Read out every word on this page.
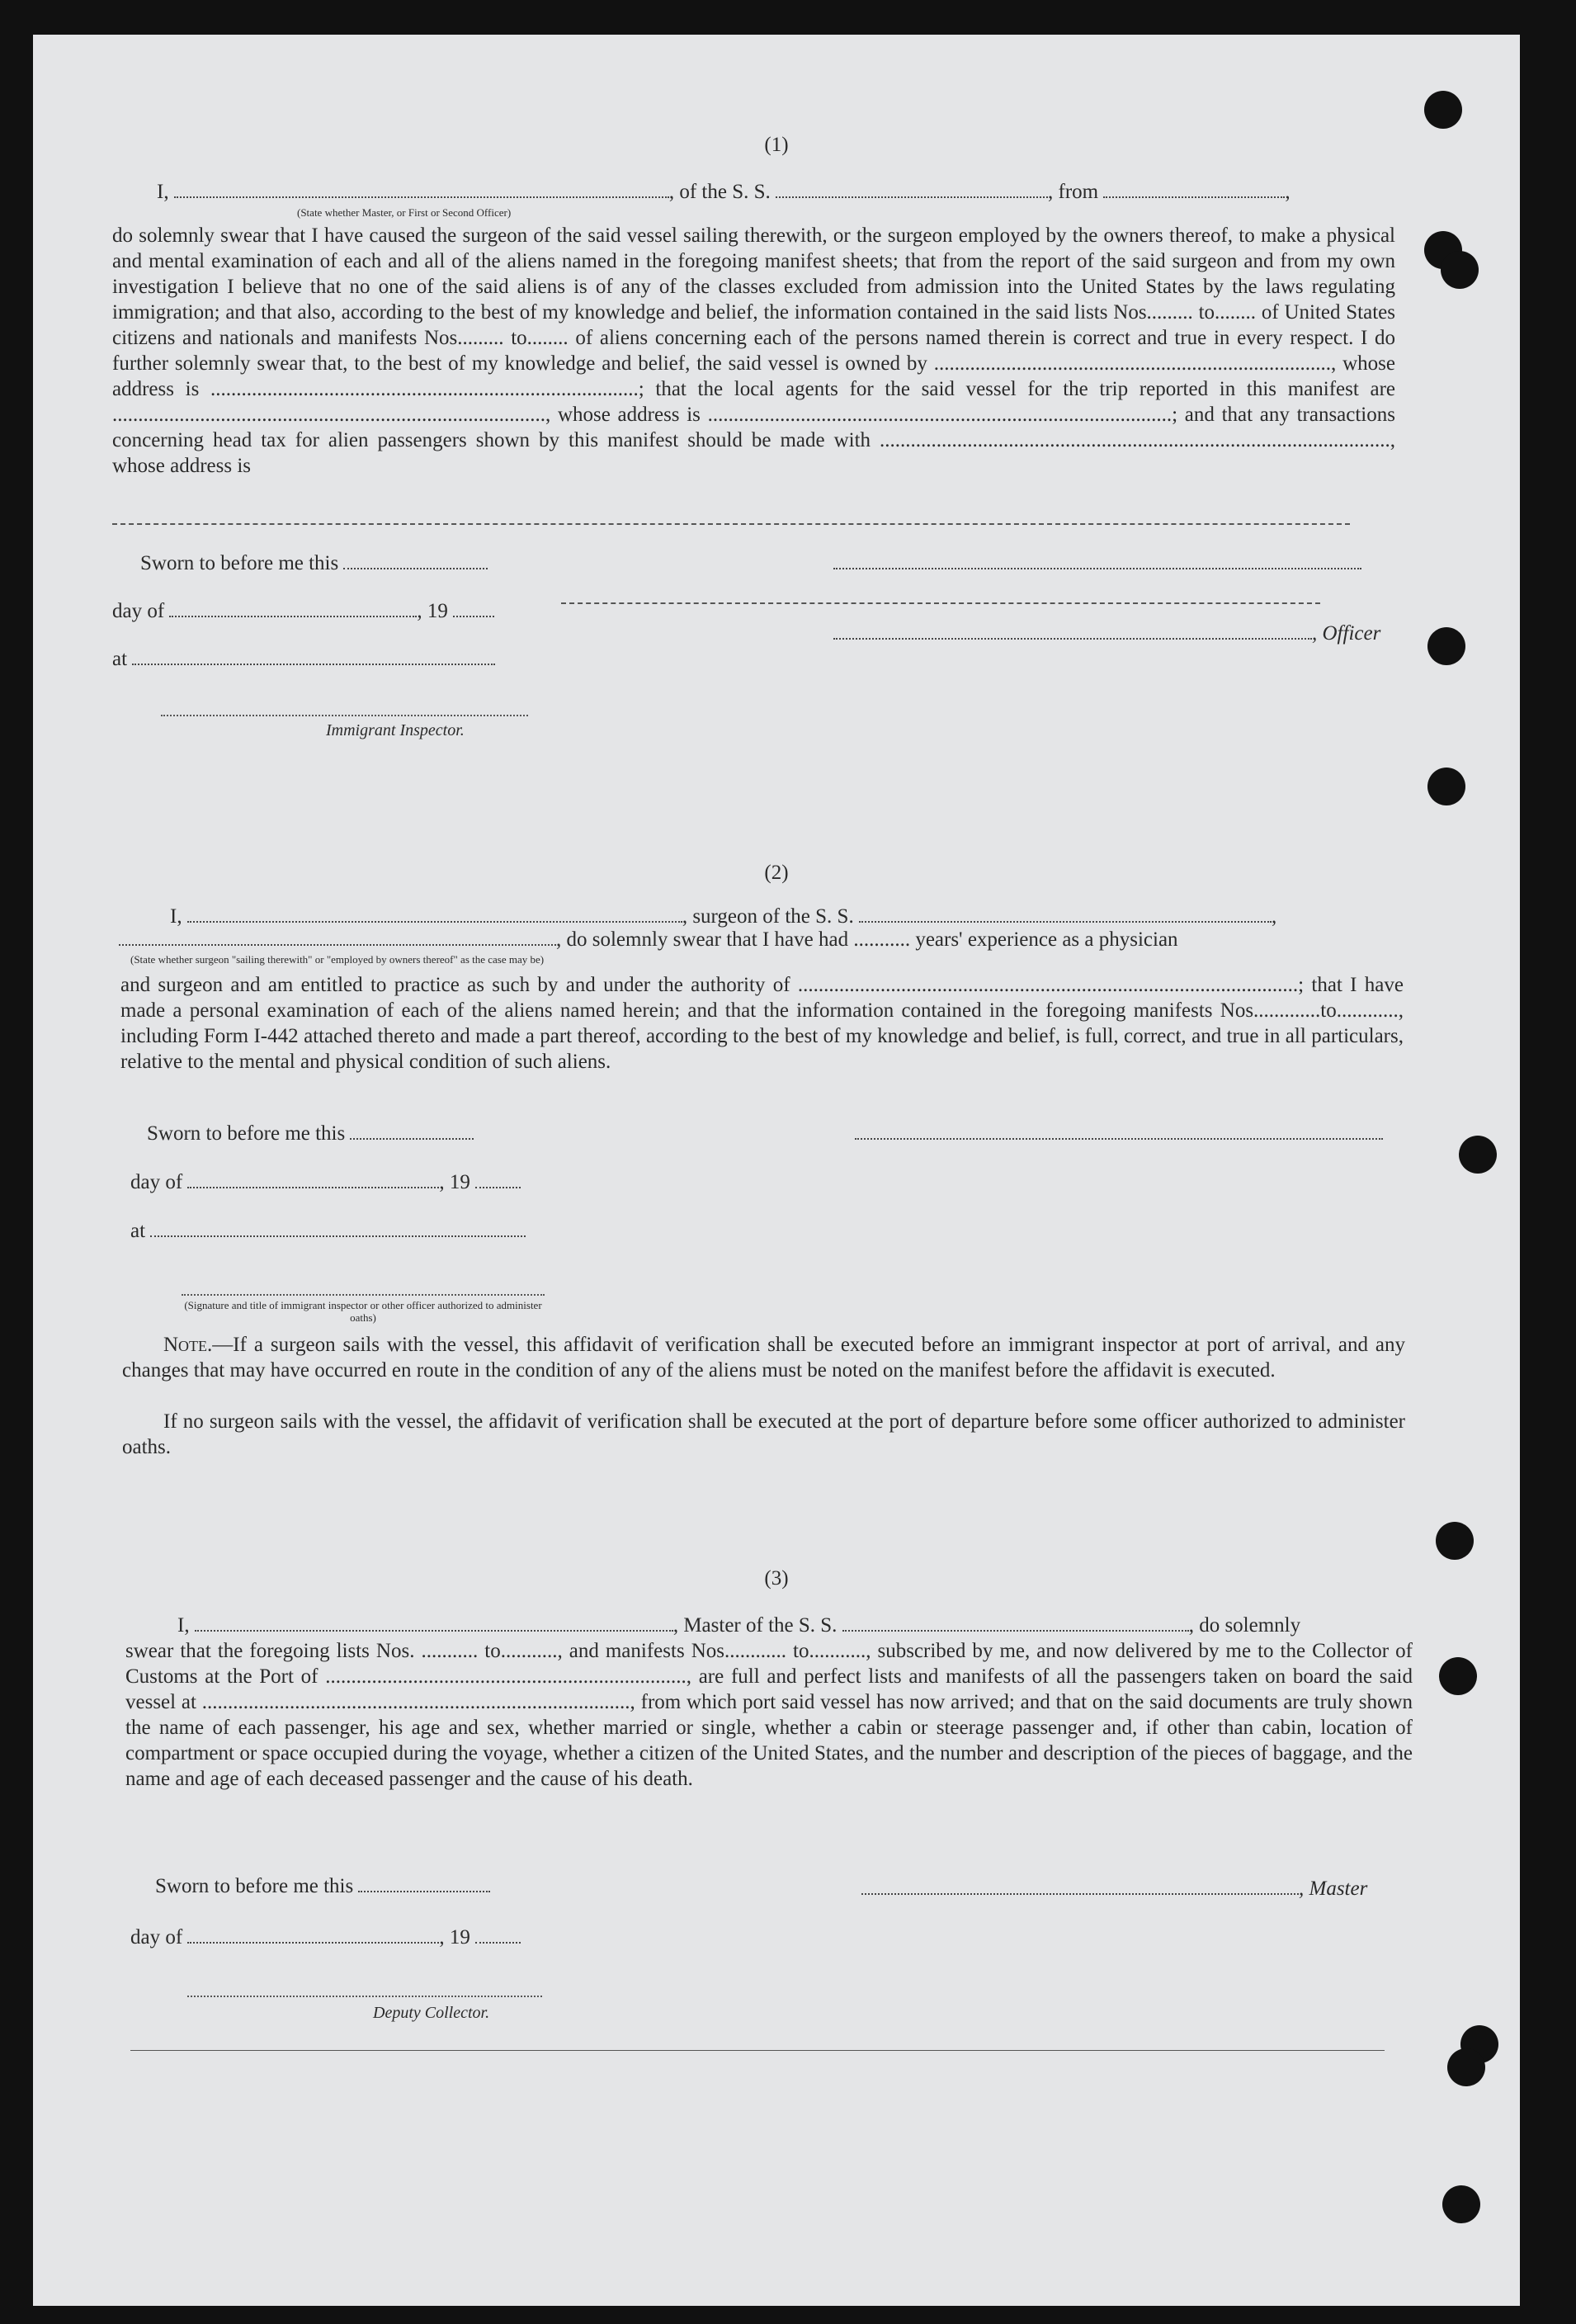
(1)
I,	, of the S. S.	, from	,
(State whether Master, or First or Second Officer)
do solemnly swear that I have caused the surgeon of the said vessel sailing therewith, or the surgeon employed by the owners thereof, to make a physical and mental examination of each and all of the aliens named in the foregoing manifest sheets; that from the report of the said surgeon and from my own investigation I believe that no one of the said aliens is of any of the classes excluded from admission into the United States by the laws regulating immigration; and that also, according to the best of my knowledge and belief, the information contained in the said lists Nos......... to........ of United States citizens and nationals and manifests Nos......... to........ of aliens concerning each of the persons named therein is correct and true in every respect. I do further solemnly swear that, to the best of my knowledge and belief, the said vessel is owned by ............................................................................., whose address is ...................................................................................; that the local agents for the said vessel for the trip reported in this manifest are ...................................................................................., whose address is ..........................................................................................; and that any transactions concerning head tax for alien passengers shown by this manifest should be made with ..................................................................................................., whose address is
Sworn to before me this
day of	, 19
, Officer
at
Immigrant Inspector.
(2)
I,	, surgeon of the S. S.	,
, do solemnly swear that I have had ........... years' experience as a physician
(State whether surgeon "sailing therewith" or "employed by owners thereof" as the case may be)
and surgeon and am entitled to practice as such by and under the authority of .................................................................................................; that I have made a personal examination of each of the aliens named herein; and that the information contained in the foregoing manifests Nos.............to............, including Form I-442 attached thereto and made a part thereof, according to the best of my knowledge and belief, is full, correct, and true in all particulars, relative to the mental and physical condition of such aliens.
Sworn to before me this
day of	, 19
at
(Signature and title of immigrant inspector or other officer authorized to administer oaths)
Note.—If a surgeon sails with the vessel, this affidavit of verification shall be executed before an immigrant inspector at port of arrival, and any changes that may have occurred en route in the condition of any of the aliens must be noted on the manifest before the affidavit is executed.
If no surgeon sails with the vessel, the affidavit of verification shall be executed at the port of departure before some officer authorized to administer oaths.
(3)
I,	, Master of the S. S.	, do solemnly
swear that the foregoing lists Nos. ........... to..........., and manifests Nos............ to..........., subscribed by me, and now delivered by me to the Collector of Customs at the Port of ......................................................................, are full and perfect lists and manifests of all the passengers taken on board the said vessel at ..................................................................................., from which port said vessel has now arrived; and that on the said documents are truly shown the name of each passenger, his age and sex, whether married or single, whether a cabin or steerage passenger and, if other than cabin, location of compartment or space occupied during the voyage, whether a citizen of the United States, and the number and description of the pieces of baggage, and the name and age of each deceased passenger and the cause of his death.
Sworn to before me this	, Master
day of	, 19
Deputy Collector.
